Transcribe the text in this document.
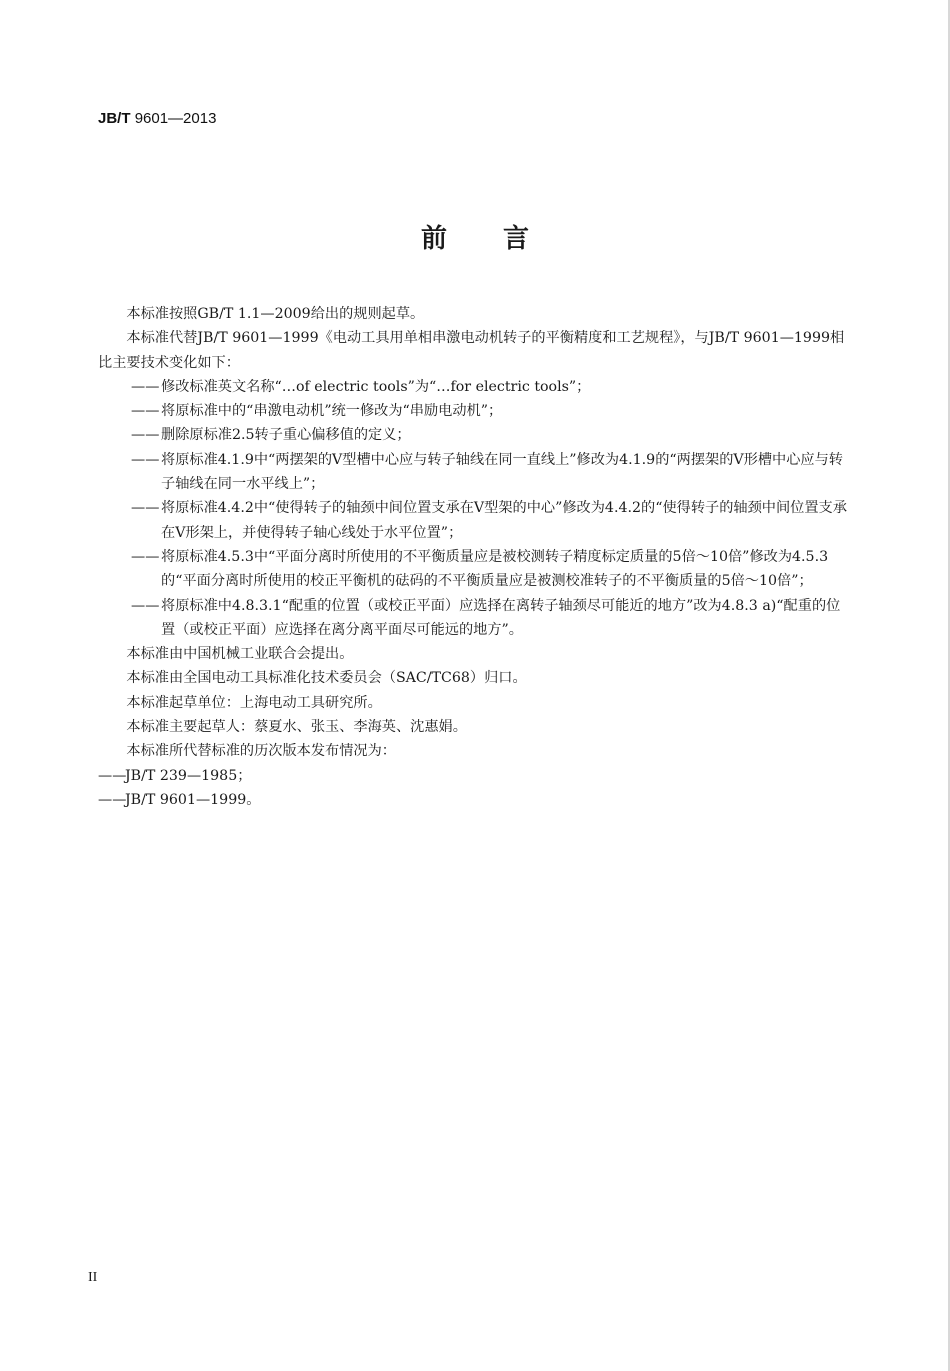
JB/T 9601—2013
前言

本标准按照GB/T 1.1—2009给出的规则起草。

本标准代替JB/T 9601—1999《电动工具用单相串激电动机转子的平衡精度和工艺规程》，与JB/T 9601—1999相比主要技术变化如下：

—— 修改标准英文名称“…of electric tools”为“…for electric tools”；
—— 将原标准中的“串激电动机”统一修改为“串励电动机”；
—— 删除原标准2.5转子重心偏移值的定义；
—— 将原标准4.1.9中“两摆架的V型槽中心应与转子轴线在同一直线上”修改为4.1.9的“两摆架的V形槽中心应与转子轴线在同一水平线上”；
—— 将原标准4.4.2中“使得转子的轴颈中间位置支承在V型架的中心”修改为4.4.2的“使得转子的轴颈中间位置支承在V形架上，并使得转子轴心线处于水平位置”；
—— 将原标准4.5.3中“平面分离时所使用的不平衡质量应是被校测转子精度标定质量的5倍～10倍”修改为4.5.3的“平面分离时所使用的校正平衡机的砝码的不平衡质量应是被测校准转子的不平衡质量的5倍～10倍”；
—— 将原标准中4.8.3.1“配重的位置（或校正平面）应选择在离转子轴颈尽可能近的地方”改为4.8.3 a)“配重的位置（或校正平面）应选择在离分离平面尽可能远的地方”。

本标准由中国机械工业联合会提出。

本标准由全国电动工具标准化技术委员会（SAC/TC68）归口。

本标准起草单位：上海电动工具研究所。

本标准主要起草人：蔡夏水、张玉、李海英、沈惠娟。

本标准所代替标准的历次版本发布情况为：

——
JB/T 239—1985；
——
JB/T 9601—1999。
II
